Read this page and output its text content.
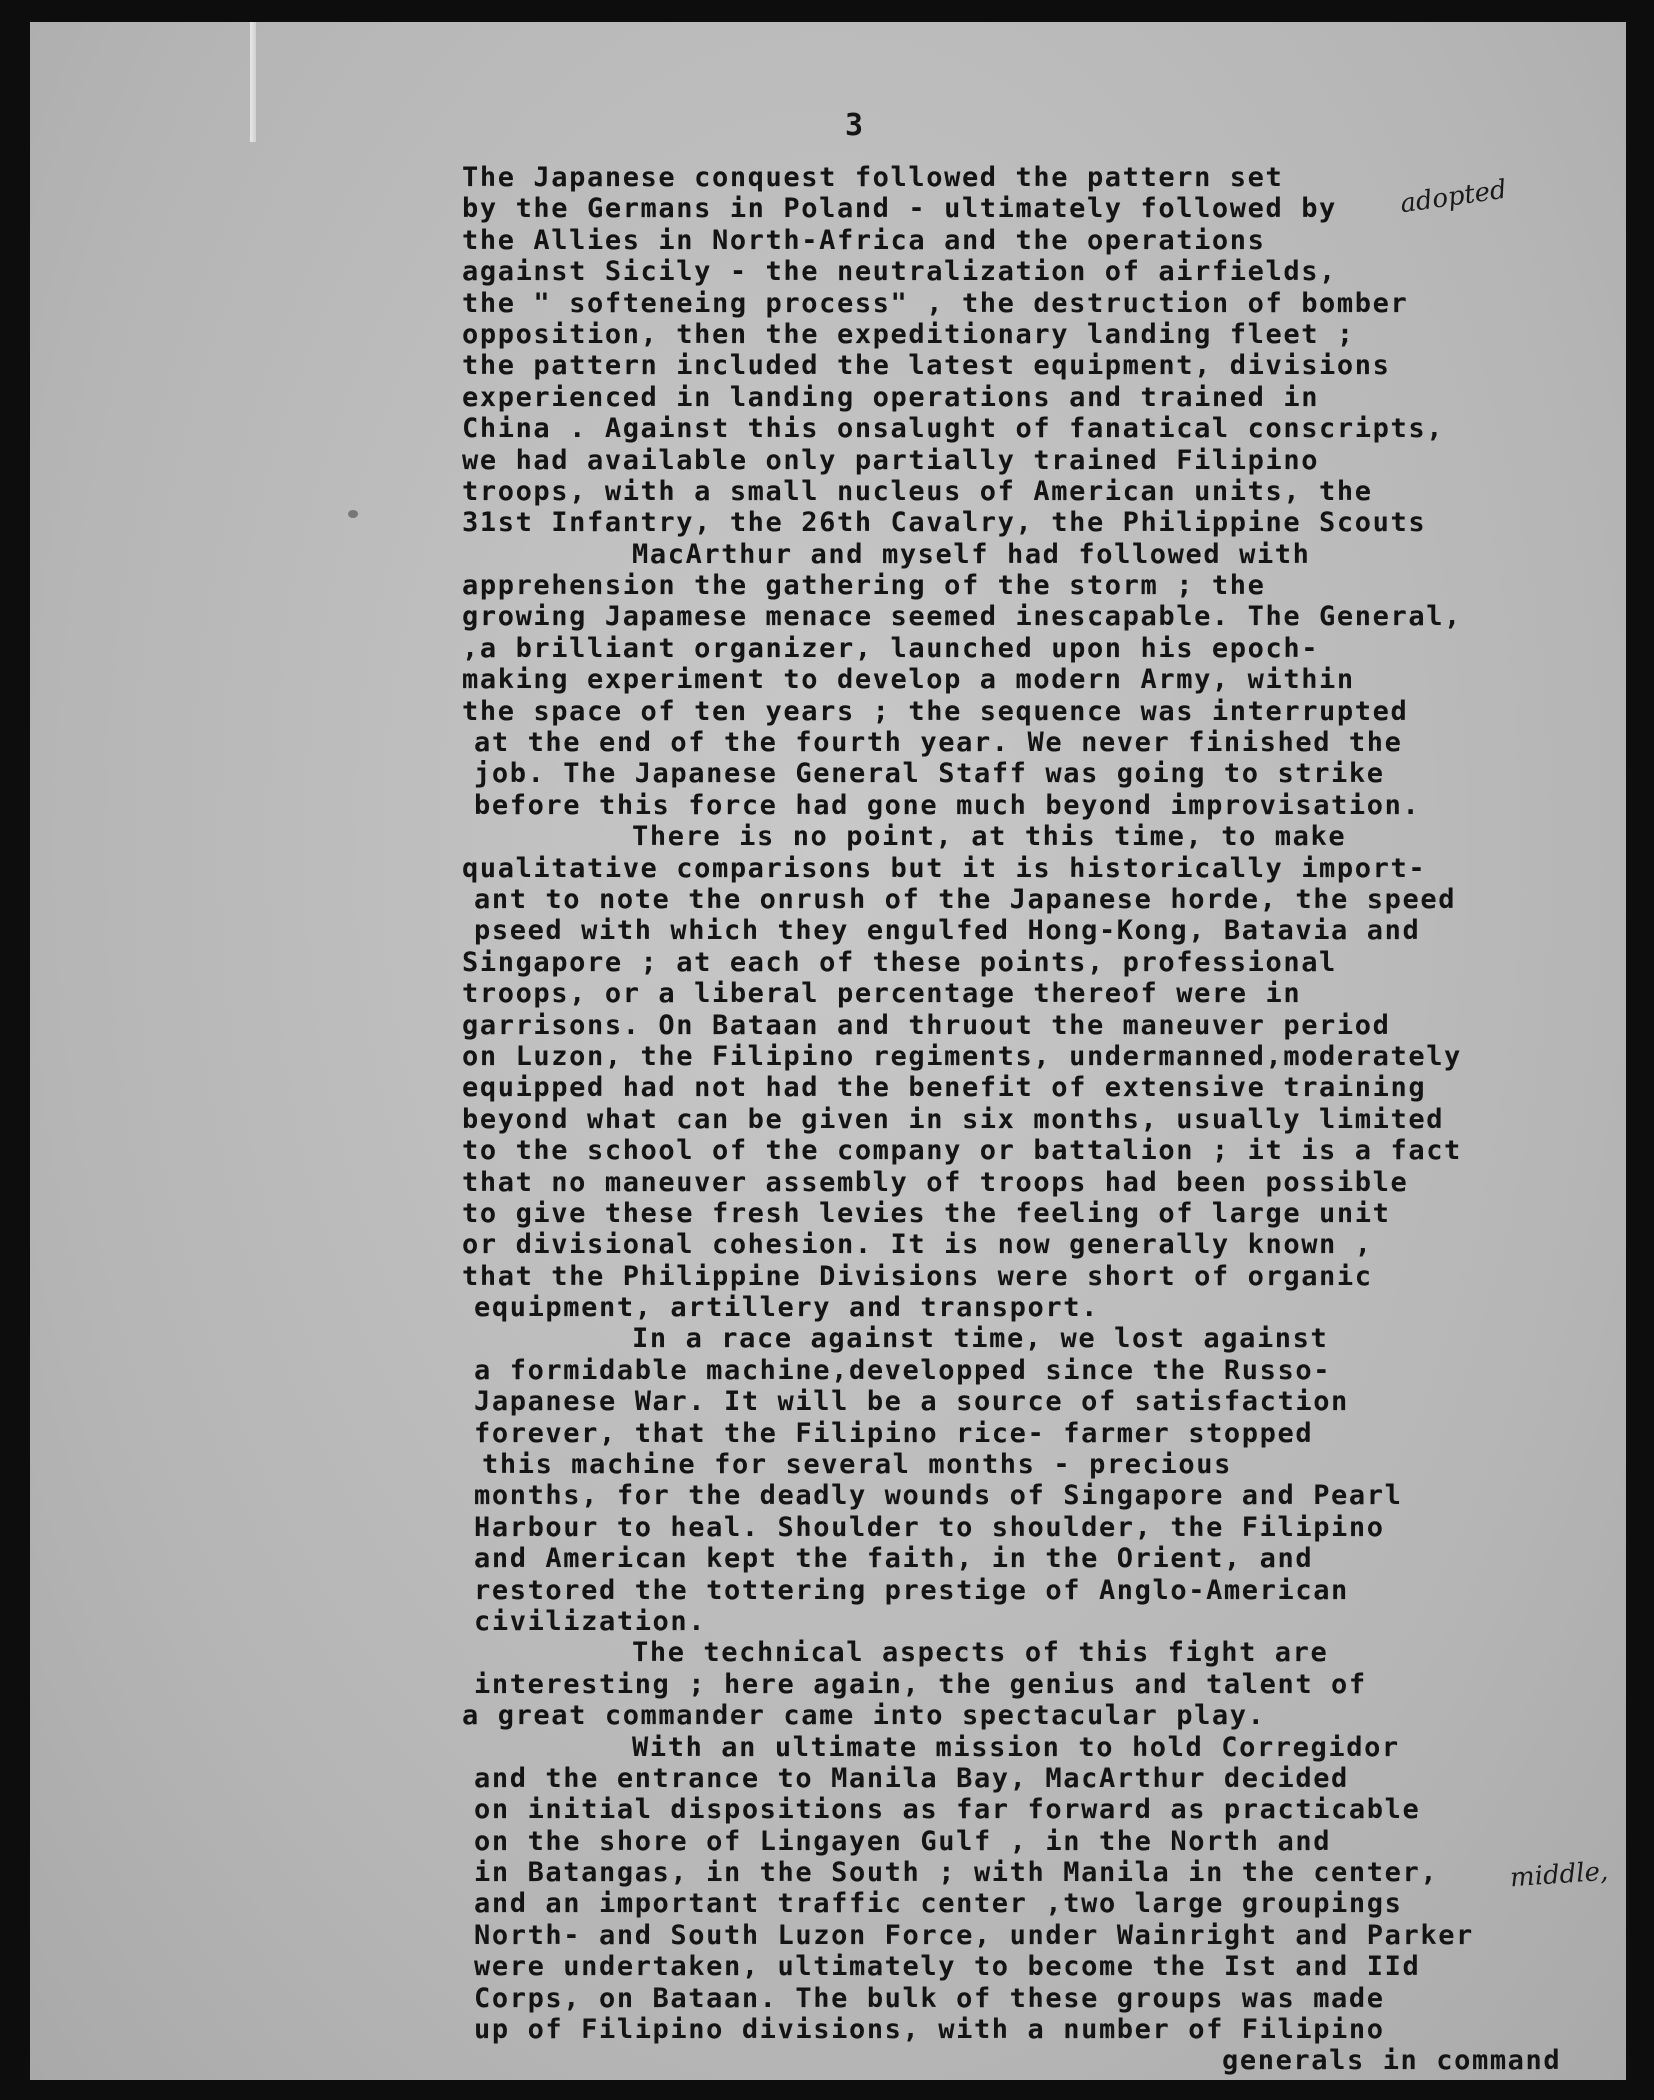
3
The Japanese conquest followed the pattern set
by the Germans in Poland - ultimately followed by
the Allies in North-Africa and the operations
against Sicily - the neutralization of airfields,
the " softeneing process" , the destruction of bomber
opposition, then the expeditionary landing fleet ;
the pattern included the latest equipment, divisions
experienced in landing operations and trained in
China . Against this onsalught of fanatical conscripts,
we had available only partially trained Filipino
troops, with a small nucleus of American units, the
31st Infantry, the 26th Cavalry, the Philippine Scouts
MacArthur and myself had followed with
apprehension the gathering of the storm ; the
growing Japamese menace seemed inescapable. The General,
,a brilliant organizer, launched upon his epoch-
making experiment to develop a modern Army, within
the space of ten years ; the sequence was interrupted
at the end of the fourth year. We never finished the
job. The Japanese General Staff was going to strike
before this force had gone much beyond improvisation.
There is no point, at this time, to make
qualitative comparisons but it is historically import-
ant to note the onrush of the Japanese horde, the speed
pseed with which they engulfed Hong-Kong, Batavia and
Singapore ; at each of these points, professional
troops, or a liberal percentage thereof were in
garrisons. On Bataan and thruout the maneuver period
on Luzon, the Filipino regiments, undermanned,moderately
equipped had not had the benefit of extensive training
beyond what can be given in six months, usually limited
to the school of the company or battalion ; it is a fact
that no maneuver assembly of troops had been possible
to give these fresh levies the feeling of large unit
or divisional cohesion. It is now generally known ,
that the Philippine Divisions were short of organic
equipment, artillery and transport.
In a race against time, we lost against
a formidable machine,developped since the Russo-
Japanese War. It will be a source of satisfaction
forever, that the Filipino rice- farmer stopped
this machine for several months - precious
months, for the deadly wounds of Singapore and Pearl
Harbour to heal. Shoulder to shoulder, the Filipino
and American kept the faith, in the Orient, and
restored the tottering prestige of Anglo-American
civilization.
The technical aspects of this fight are
interesting ; here again, the genius and talent of
a great commander came into spectacular play.
With an ultimate mission to hold Corregidor
and the entrance to Manila Bay, MacArthur decided
on initial dispositions as far forward as practicable
on the shore of Lingayen Gulf , in the North and
in Batangas, in the South ; with Manila in the center,
and an important traffic center ,two large groupings
North- and South Luzon Force, under Wainright and Parker
were undertaken, ultimately to become the Ist and IId
Corps, on Bataan. The bulk of these groups was made
up of Filipino divisions, with a number of Filipino
generals in command
adopted
middle,
